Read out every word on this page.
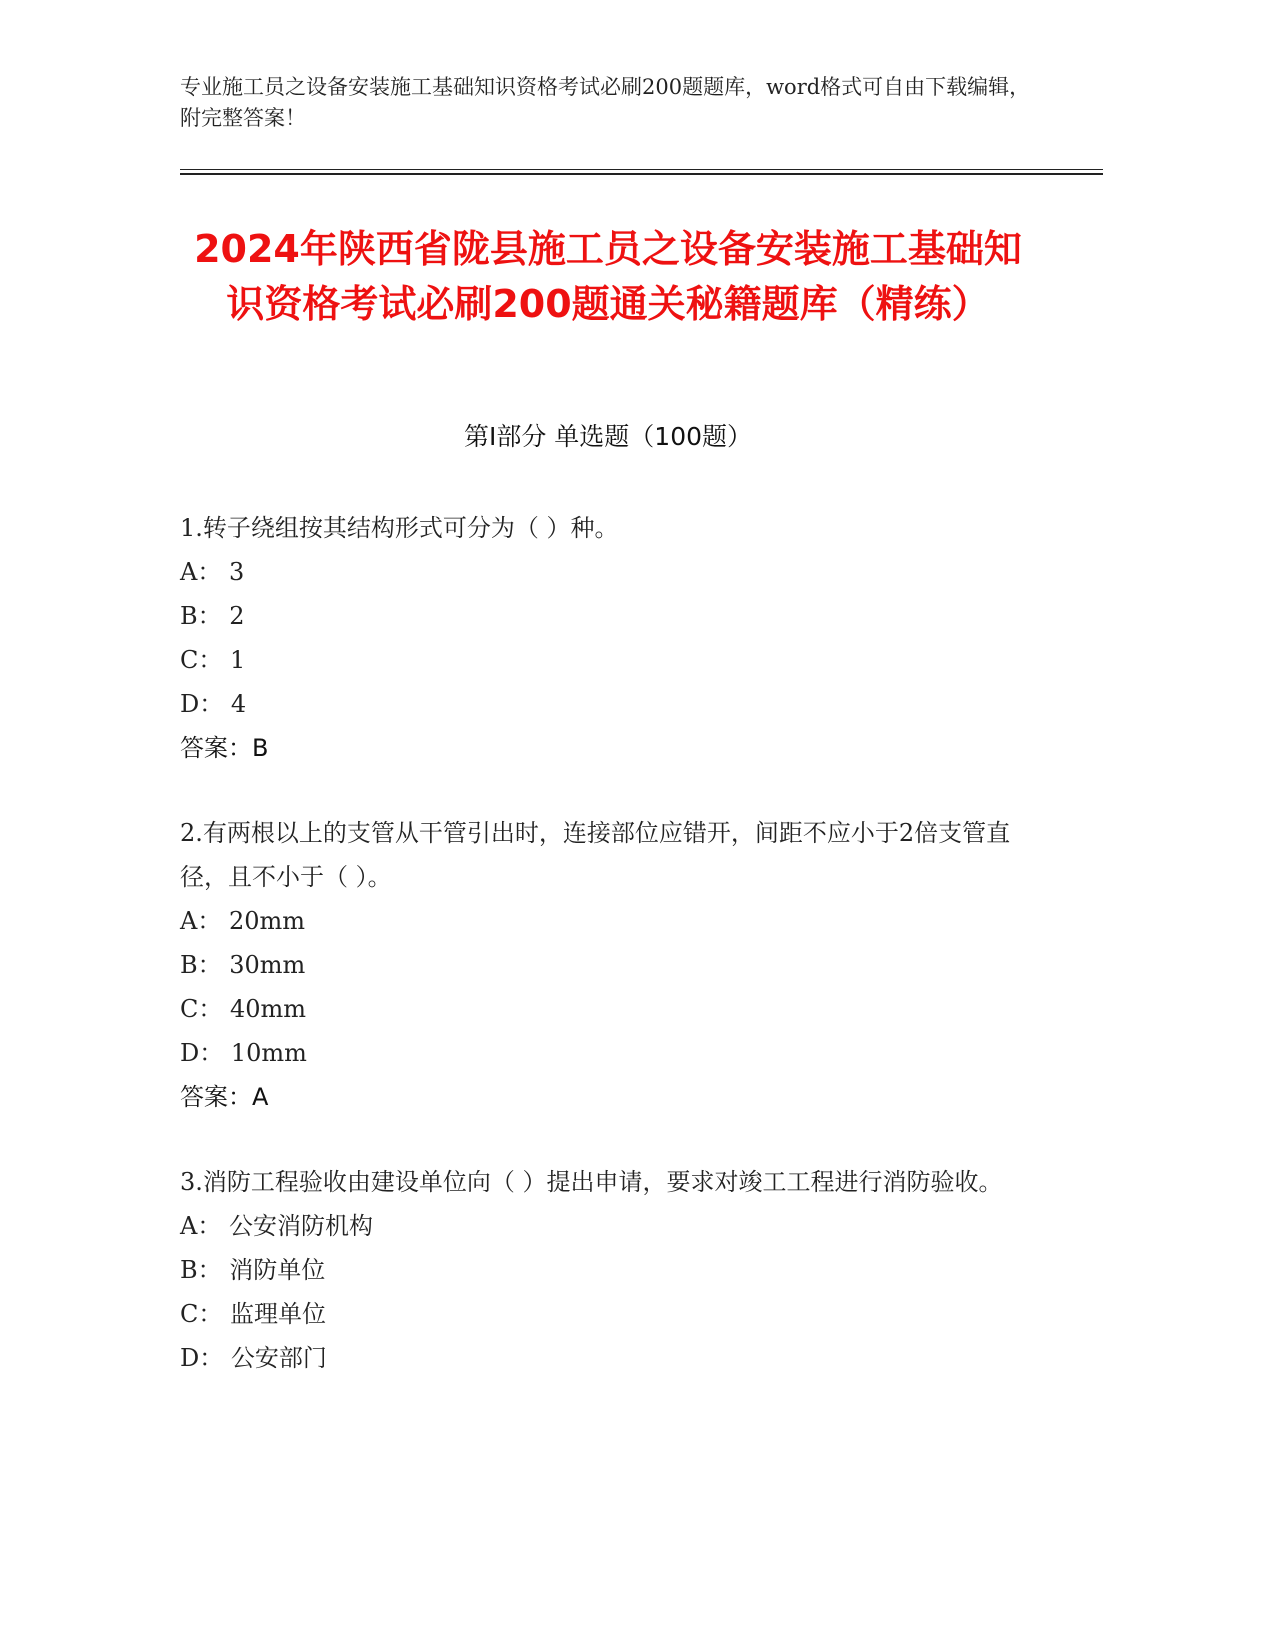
专业施工员之设备安装施工基础知识资格考试必刷200题题库，word格式可自由下载编辑，附完整答案！
2024年陕西省陇县施工员之设备安装施工基础知识资格考试必刷200题通关秘籍题库（精练）
第Ⅰ部分 单选题（100题）

1.转子绕组按其结构形式可分为（ ）种。

A： 3

B： 2

C： 1

D： 4

答案：B

2.有两根以上的支管从干管引出时，连接部位应错开，间距不应小于2倍支管直径，且不小于（ ）。

A： 20mm

B： 30mm

C： 40mm

D： 10mm

答案：A

3.消防工程验收由建设单位向（ ）提出申请，要求对竣工工程进行消防验收。

A： 公安消防机构

B： 消防单位

C： 监理单位

D： 公安部门
